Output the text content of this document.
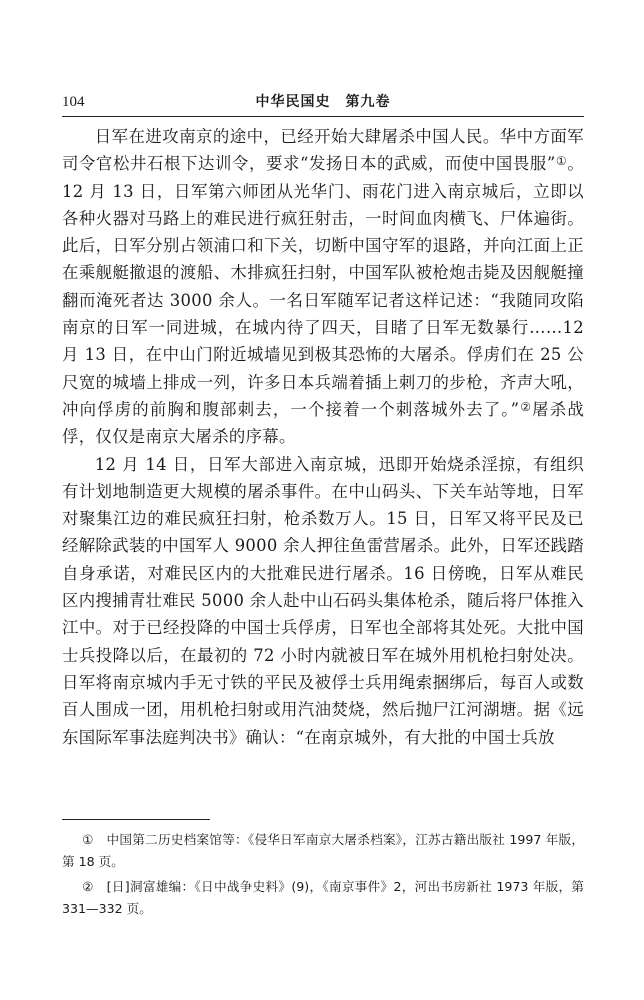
104	中华民国史　第九卷

日军在进攻南京的途中，已经开始大肆屠杀中国人民。华中方面军司令官松井石根下达训令，要求“发扬日本的武威，而使中国畏服”①。12 月 13 日，日军第六师团从光华门、雨花门进入南京城后，立即以各种火器对马路上的难民进行疯狂射击，一时间血肉横飞、尸体遍街。此后，日军分别占领浦口和下关，切断中国守军的退路，并向江面上正在乘舰艇撤退的渡船、木排疯狂扫射，中国军队被枪炮击毙及因舰艇撞翻而淹死者达 3000 余人。一名日军随军记者这样记述：“我随同攻陷南京的日军一同进城，在城内待了四天，目睹了日军无数暴行……12 月 13 日，在中山门附近城墙见到极其恐怖的大屠杀。俘虏们在 25 公尺宽的城墙上排成一列，许多日本兵端着插上刺刀的步枪，齐声大吼，冲向俘虏的前胸和腹部刺去，一个接着一个刺落城外去了。”②屠杀战俘，仅仅是南京大屠杀的序幕。

12 月 14 日，日军大部进入南京城，迅即开始烧杀淫掠，有组织有计划地制造更大规模的屠杀事件。在中山码头、下关车站等地，日军对聚集江边的难民疯狂扫射，枪杀数万人。15 日，日军又将平民及已经解除武装的中国军人 9000 余人押往鱼雷营屠杀。此外，日军还践踏自身承诺，对难民区内的大批难民进行屠杀。16 日傍晚，日军从难民区内搜捕青壮难民 5000 余人赴中山石码头集体枪杀，随后将尸体推入江中。对于已经投降的中国士兵俘虏，日军也全部将其处死。大批中国士兵投降以后，在最初的 72 小时内就被日军在城外用机枪扫射处决。日军将南京城内手无寸铁的平民及被俘士兵用绳索捆绑后，每百人或数百人围成一团，用机枪扫射或用汽油焚烧，然后抛尸江河湖塘。据《远东国际军事法庭判决书》确认：“在南京城外，有大批的中国士兵放

①　中国第二历史档案馆等：《侵华日军南京大屠杀档案》，江苏古籍出版社 1997 年版，第 18 页。

②　[日]洞富雄编：《日中战争史料》(9)，《南京事件》2，河出书房新社 1973 年版，第 331—332 页。
